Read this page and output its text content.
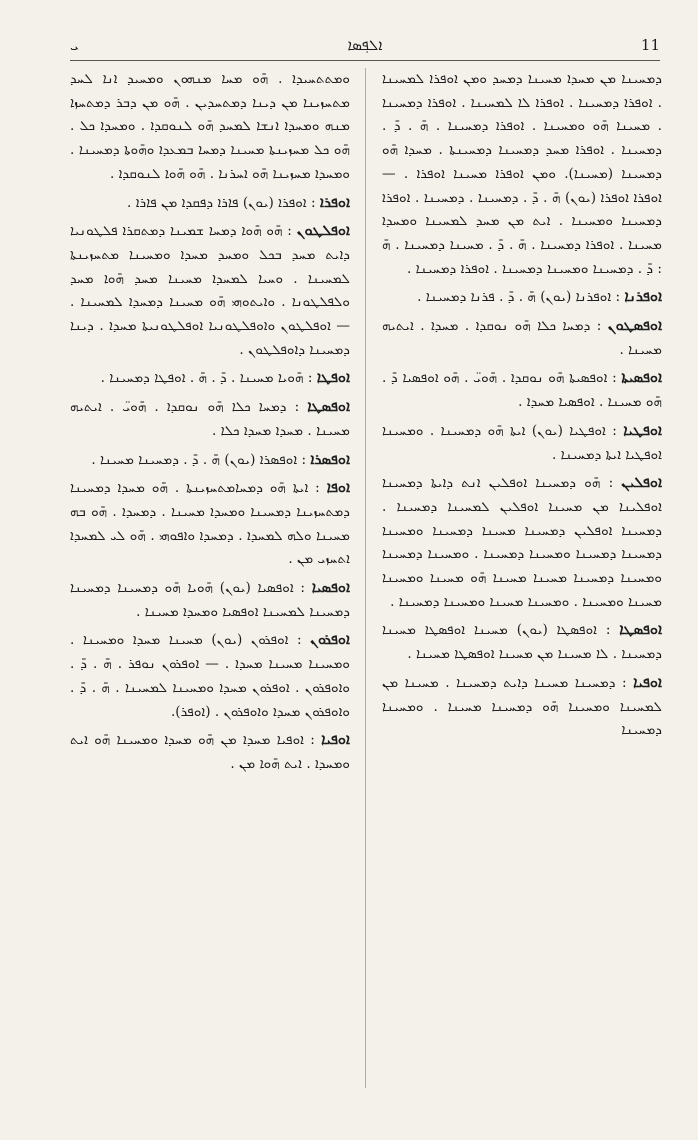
ܝ	ܐܠܦ݂ܣܐ	11

ܘܡܬܬܚܝܕܐ . ܗ̄ܘ ܡܚܐ ܡܢܗܘܢ ܘܡܚܝܕ ܐܢܐ ܠܚܕ ܡܬܚܙܝܢܐ ܡܢ ܕܝܢܐ ܕܡܬܚܕܝܢ . ܗ̄ܘ ܡܢ ܕܒܪ ܕܡܬܚܙܐ ܡܢܗ ܘܡܚܕܐ ܐܢܫܐ ܠܡܚܕ ܗ̄ܘ ܠܢܘܩܕܐ . ܘܡܚܕܐ ܟܠ . ܗ̄ܘ ܟܠ ܡܚܙܝܢܬܐ ܡܚܝܢܐ ܕܡܚܐ ܒܡܥܕܐ ܘܗ̄ܘܬܐ ܕܡܚܝܢܐ . ܘܡܚܕܐ ܡܚܙܝܢܐ ܗ̄ܘ ܐܚܪܢܐ . ܗ̄ܘ ܗ̄ܘܐ ܠܢܘܩܕܐ .

ܐܘܦܪܐ : ܐܘܦܪܐ (ܝܘܢ) ܦܐܪܐ ܕܦܩܕܐ ܡܢ ܦܐܪܐ .

ܐܘܦܠܛܘܢ : ܗ̄ܘ ܗ̄ܘܐ ܕܡܚܐ ܫܡܝܢܐ ܕܡܬܩܪܐ ܦܠܛܘܢܝܐ ܕܐܝܬ ܡܚܕ ܒܟܠ ܘܡܚܕ ܡܚܕܐ ܘܡܚܝܢܐ ܡܬܚܙܝܢܬܐ ܠܡܚܝܢܐ . ܘܚܝܐ ܠܡܚܕܐ ܡܚܝܢܐ ܡܚܕ ܗ̄ܘܐ ܡܚܕ ܘܠܦܠܛܘܢܐ . ܘܐܝܬܘܗܝ ܗ̄ܘ ܡܚܝܢܐ ܕܡܚܕܐ ܠܡܚܝܢܐ . — ܐܘܦܠܛܘܢ ܘܐܘܦܠܛܘܢܝܐ ܐܘܦܠܛܘܢܝܬܐ ܡܚܕܐ . ܕܝܢܐ ܕܡܚܝܢܐ ܕܐܘܦܠܛܘܢ .

ܐܘܦܛܐ : ܗ̄ܘܝܐ ܡܚܝܢܐ . ܕ̄ . ܗ̄ . ܐܘܦܛܐ ܕܡܚܝܢܐ .

ܐܘܦܣܛܐ : ܕܡܚܐ ܟܠܐ ܗ̄ܘ ܢܘܩܕܐ . ܗ̄ܘܝ̈ . ܐܝܬܝܗ ܡܚܝܢܐ . ܡܚܕܐ ܡܚܕܐ ܟܠܐ .

ܐܘܦܣܪܐ : ܐܘܦܣܪܐ (ܝܘܢ) ܗ̄ . ܕ̄ . ܕܡܚܝܢܐ ܡܚܝܢܐ .

ܐܘܦܐ : ܐܝܬܐ ܗ̄ܘ ܕܡܚܐܡܬܚܙܝܢܬܐ . ܗ̄ܘ ܡܚܕܐ ܕܡܚܝܢܐ ܕܡܬܚܙܝܢܐ ܕܡܚܝܢܐ ܘܡܚܕܐ ܡܚܝܢܐ . ܕܡܚܕܐ . ܗ̄ܘ ܒܗ ܡܚܝܢܐ ܘܠܗ ܠܡܚܕܐ . ܕܡܚܕܐ ܘܐܦܘܗܝ . ܗ̄ܘ ܠܝ ܠܡܚܕܐ ܐܬܚܙܝ ܡܢ .

ܐܘܦܣܝܐ : ܐܘܦܣܝܐ (ܝܘܢ) ܗ̄ܘܝܐ ܗ̄ܘ ܕܡܚܝܢܐ ܕܡܚܝܢܐ ܕܡܚܝܢܐ ܠܡܚܝܢܐ ܐܘܦܣܝܐ ܘܡܚܕܐ ܡܚܝܢܐ .

ܐܘܦܪܘܢ : ܐܘܦܪܘܢ (ܝܘܢ) ܡܚܝܢܐ ܡܚܕܐ ܘܡܚܝܢܐ . ܘܡܚܝܢܐ ܡܚܝܢܐ ܡܚܕܐ . — ܐܘܦܪܘܢ ܢܘܦܪ . ܗ̄ . ܕ̄ . ܘܐܘܦܪܘܢ . ܐܘܦܪܘܢ ܡܚܕܐ ܘܡܚܝܢܐ ܠܡܚܝܢܐ . ܗ̄ . ܕ̄ . ܘܐܘܦܪܘܢ ܡܚܕܐ ܘܐܘܦܪܘܢ . (ܐܘܦܪ).

ܐܘܦܝܐ : ܐܘܦܝܐ ܡܚܕܐ ܡܢ ܗ̄ܘ ܡܚܕܐ ܘܡܚܝܢܐ ܗ̄ܘ ܐܝܬ ܘܡܚܕܐ . ܐܝܬ ܗ̄ܘܐ ܡܢ .

ܕܡܚܝܢܐ ܡܢ ܡܚܕܐ ܡܚܝܢܐ ܕܡܚܕ ܘܡܢ ܐܘܦܪܐ ܠܡܚܝܢܐ . ܐܘܦܪܐ ܕܡܚܝܢܐ . ܐܘܦܪܐ ܠܐ ܠܡܚܝܢܐ . ܐܘܦܪܐ ܕܡܚܝܢܐ . ܡܚܝܢܐ ܗ̄ܘ ܘܡܚܝܢܐ . ܐܘܦܪܐ ܕܡܚܝܢܐ . ܗ̄ . ܕ̄ . ܕܡܚܝܢܐ . ܐܘܦܪܐ ܡܚܕ ܕܡܚܝܢܐ ܕܡܚܝܢܬܐ . ܡܚܕܐ ܗ̄ܘ ܕܡܚܝܢܐ (ܡܚܝܢܐ). ܘܡܢ ܐܘܦܪܐ ܡܚܝܢܐ ܐܘܦܪܐ . — ܐܘܦܪܐ ܐܘܦܪܐ (ܝܘܢ) ܗ̄ . ܕ̄ . ܕܡܚܝܢܐ . ܕܡܚܝܢܐ . ܐܘܦܪܐ ܕܡܚܝܢܐ ܘܡܚܝܢܐ . ܐܝܬ ܡܢ ܡܚܕ ܠܡܚܝܢܐ ܘܡܚܕܐ ܡܚܝܢܐ . ܐܘܦܪܐ ܕܡܚܝܢܐ . ܗ̄ . ܕ̄ . ܡܚܝܢܐ ܕܡܚܝܢܐ . ܗ̄ : ܕ̄ . ܕܡܚܝܢܐ ܘܡܚܝܢܐ ܕܡܚܝܢܐ . ܐܘܦܪܐ ܕܡܚܝܢܐ .

ܐܘܦܪܢܐ : ܐܘܦܪܢܐ (ܝܘܢ) ܗ̄ . ܕ̄ . ܦܪܢܐ ܕܡܚܝܢܐ .

ܐܘܦܣܛܘܢ : ܕܡܚܐ ܟܠܐ ܗ̄ܘ ܢܘܩܕܐ . ܡܚܕܐ . ܐܝܬܝܗ ܡܚܝܢܐ .

ܐܘܦܣܝܬܐ : ܐܘܦܣܝܬܐ ܗ̄ܘ ܢܘܩܕܐ . ܗ̄ܘܝ̈ . ܗ̄ܘ ܐܘܦܣܝܐ ܕ̄ . ܗ̄ܘ ܡܚܝܢܐ . ܐܘܦܣܝܐ ܡܚܕܐ .

ܐܘܦܛܝܐ : ܐܘܦܛܝܐ (ܝܘܢ) ܐܝܬܐ ܗ̄ܘ ܕܡܚܝܢܐ . ܘܡܚܝܢܐ ܐܘܦܛܝܐ ܐܝܬܐ ܕܡܚܝܢܐ .

ܐܘܦܠܝܢ : ܗ̄ܘ ܕܡܚܝܢܐ ܐܘܦܠܝܢ ܐܢܬ ܕܐܝܬܐ ܕܡܚܝܢܐ ܐܘܦܠܝܢܐ ܡܢ ܡܚܝܢܐ ܐܘܦܠܝܢ ܠܡܚܝܢܐ ܕܡܚܝܢܐ . ܕܡܚܝܢܐ ܐܘܦܠܝܢ ܕܡܚܝܢܐ ܡܚܝܢܐ ܕܡܚܝܢܐ ܘܡܚܝܢܐ ܕܡܚܝܢܐ ܕܡܚܝܢܐ ܘܡܚܝܢܐ ܕܡܚܝܢܐ . ܘܡܚܝܢܐ ܕܡܚܝܢܐ ܘܡܚܝܢܐ ܕܡܚܝܢܐ ܡܚܝܢܐ ܡܚܝܢܐ ܗ̄ܘ ܡܚܝܢܐ ܘܡܚܝܢܐ ܡܚܝܢܐ ܘܡܚܝܢܐ . ܘܡܚܝܢܐ ܡܚܝܢܐ ܘܡܚܝܢܐ ܕܡܚܝܢܐ .

ܐܘܦܣܛܐ : ܐܘܦܣܛܐ (ܝܘܢ) ܡܚܝܢܐ ܐܘܦܣܛܐ ܡܚܝܢܐ ܕܡܚܝܢܐ . ܠܐ ܡܚܝܢܐ ܡܢ ܡܚܝܢܐ ܐܘܦܣܛܐ ܡܚܝܢܐ .

ܐܘܦܝܐ : ܕܡܚܝܢܐ ܡܚܝܢܐ ܕܐܝܬ ܕܡܚܝܢܐ . ܡܚܝܢܐ ܡܢ ܠܡܚܝܢܐ ܘܡܚܝܢܐ ܗ̄ܘ ܕܡܚܝܢܐ ܡܚܝܢܐ . ܘܡܚܝܢܐ ܕܡܚܝܢܐ
